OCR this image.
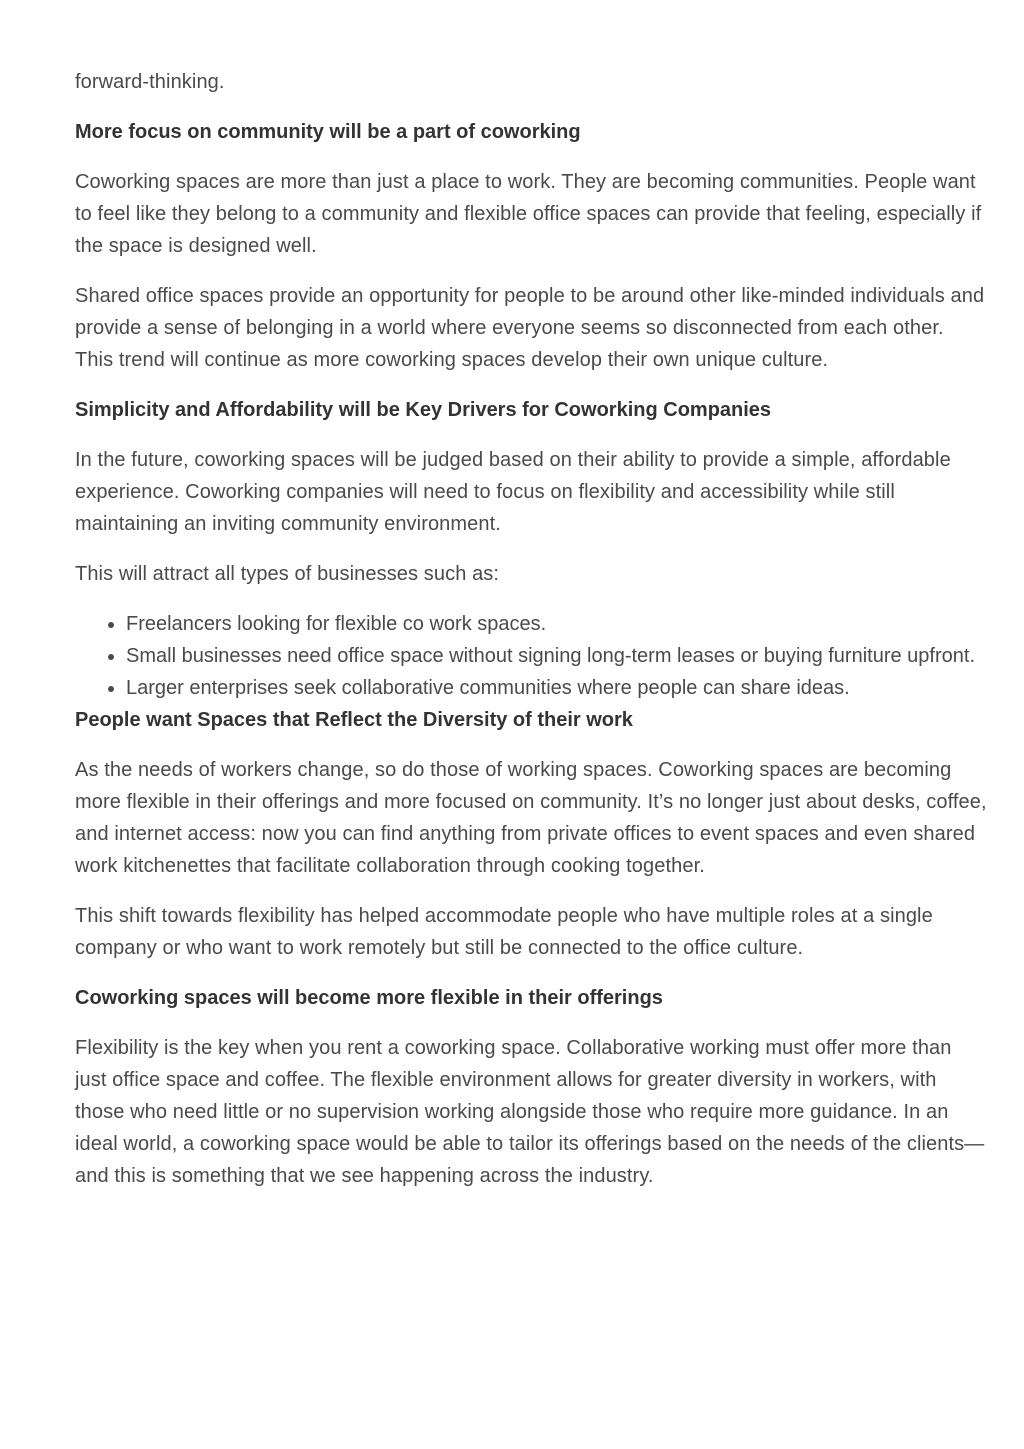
forward-thinking.

More focus on community will be a part of coworking

Coworking spaces are more than just a place to work. They are becoming communities. People want to feel like they belong to a community and flexible office spaces can provide that feeling, especially if the space is designed well.

Shared office spaces provide an opportunity for people to be around other like-minded individuals and provide a sense of belonging in a world where everyone seems so disconnected from each other. This trend will continue as more coworking spaces develop their own unique culture.

Simplicity and Affordability will be Key Drivers for Coworking Companies

In the future, coworking spaces will be judged based on their ability to provide a simple, affordable experience. Coworking companies will need to focus on flexibility and accessibility while still maintaining an inviting community environment.

This will attract all types of businesses such as:

• Freelancers looking for flexible co work spaces.
• Small businesses need office space without signing long-term leases or buying furniture upfront.
• Larger enterprises seek collaborative communities where people can share ideas.
People want Spaces that Reflect the Diversity of their work

As the needs of workers change, so do those of working spaces. Coworking spaces are becoming more flexible in their offerings and more focused on community. It’s no longer just about desks, coffee, and internet access: now you can find anything from private offices to event spaces and even shared work kitchenettes that facilitate collaboration through cooking together.

This shift towards flexibility has helped accommodate people who have multiple roles at a single company or who want to work remotely but still be connected to the office culture.

Coworking spaces will become more flexible in their offerings

Flexibility is the key when you rent a coworking space. Collaborative working must offer more than just office space and coffee. The flexible environment allows for greater diversity in workers, with those who need little or no supervision working alongside those who require more guidance. In an ideal world, a coworking space would be able to tailor its offerings based on the needs of the clients—and this is something that we see happening across the industry.
